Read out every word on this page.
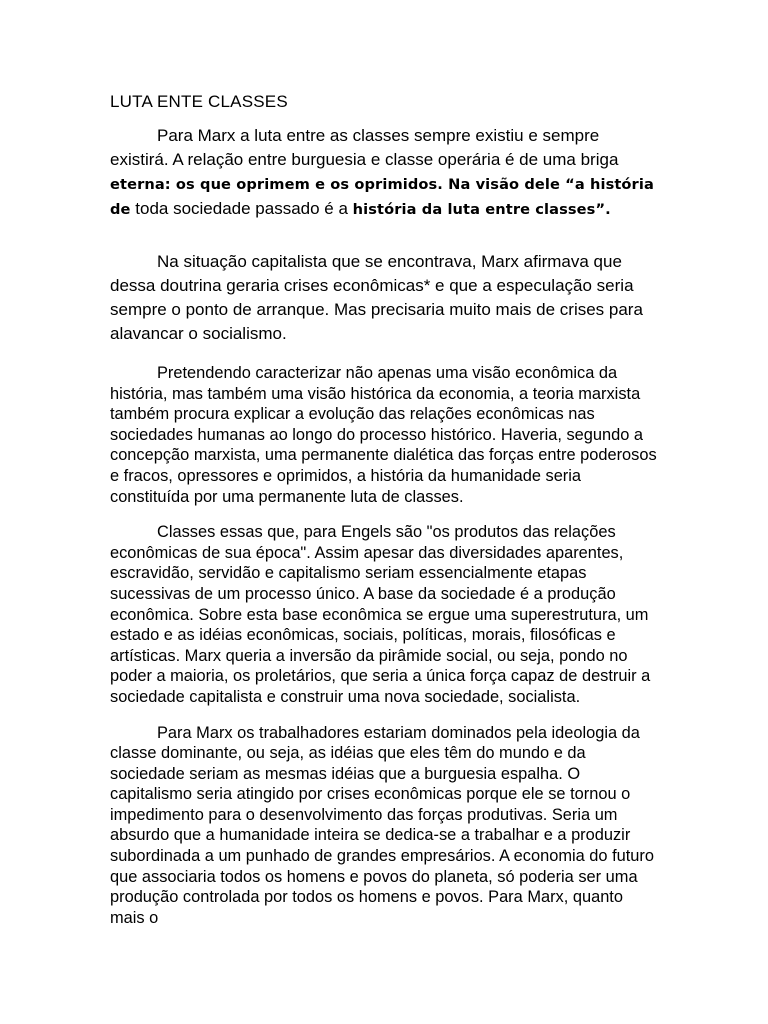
LUTA ENTE CLASSES

Para Marx a luta entre as classes sempre existiu e sempre existirá. A relação entre burguesia e classe operária é de uma briga eterna: os que oprimem e os oprimidos. Na visão dele “a história de toda sociedade passado é a história da luta entre classes”.

Na situação capitalista que se encontrava, Marx afirmava que dessa doutrina geraria crises econômicas* e que a especulação seria sempre o ponto de arranque. Mas precisaria muito mais de crises para alavancar o socialismo.

Pretendendo caracterizar não apenas uma visão econômica da história, mas também uma visão histórica da economia, a teoria marxista também procura explicar a evolução das relações econômicas nas sociedades humanas ao longo do processo histórico. Haveria, segundo a concepção marxista, uma permanente dialética das forças entre poderosos e fracos, opressores e oprimidos, a história da humanidade seria constituída por uma permanente luta de classes.

Classes essas que, para Engels são "os produtos das relações econômicas de sua época". Assim apesar das diversidades aparentes, escravidão, servidão e capitalismo seriam essencialmente etapas sucessivas de um processo único. A base da sociedade é a produção econômica. Sobre esta base econômica se ergue uma superestrutura, um estado e as idéias econômicas, sociais, políticas, morais, filosóficas e artísticas. Marx queria a inversão da pirâmide social, ou seja, pondo no poder a maioria, os proletários, que seria a única força capaz de destruir a sociedade capitalista e construir uma nova sociedade, socialista.

Para Marx os trabalhadores estariam dominados pela ideologia da classe dominante, ou seja, as idéias que eles têm do mundo e da sociedade seriam as mesmas idéias que a burguesia espalha. O capitalismo seria atingido por crises econômicas porque ele se tornou o impedimento para o desenvolvimento das forças produtivas. Seria um absurdo que a humanidade inteira se dedica-se a trabalhar e a produzir subordinada a um punhado de grandes empresários. A economia do futuro que associaria todos os homens e povos do planeta, só poderia ser uma produção controlada por todos os homens e povos. Para Marx, quanto mais o
